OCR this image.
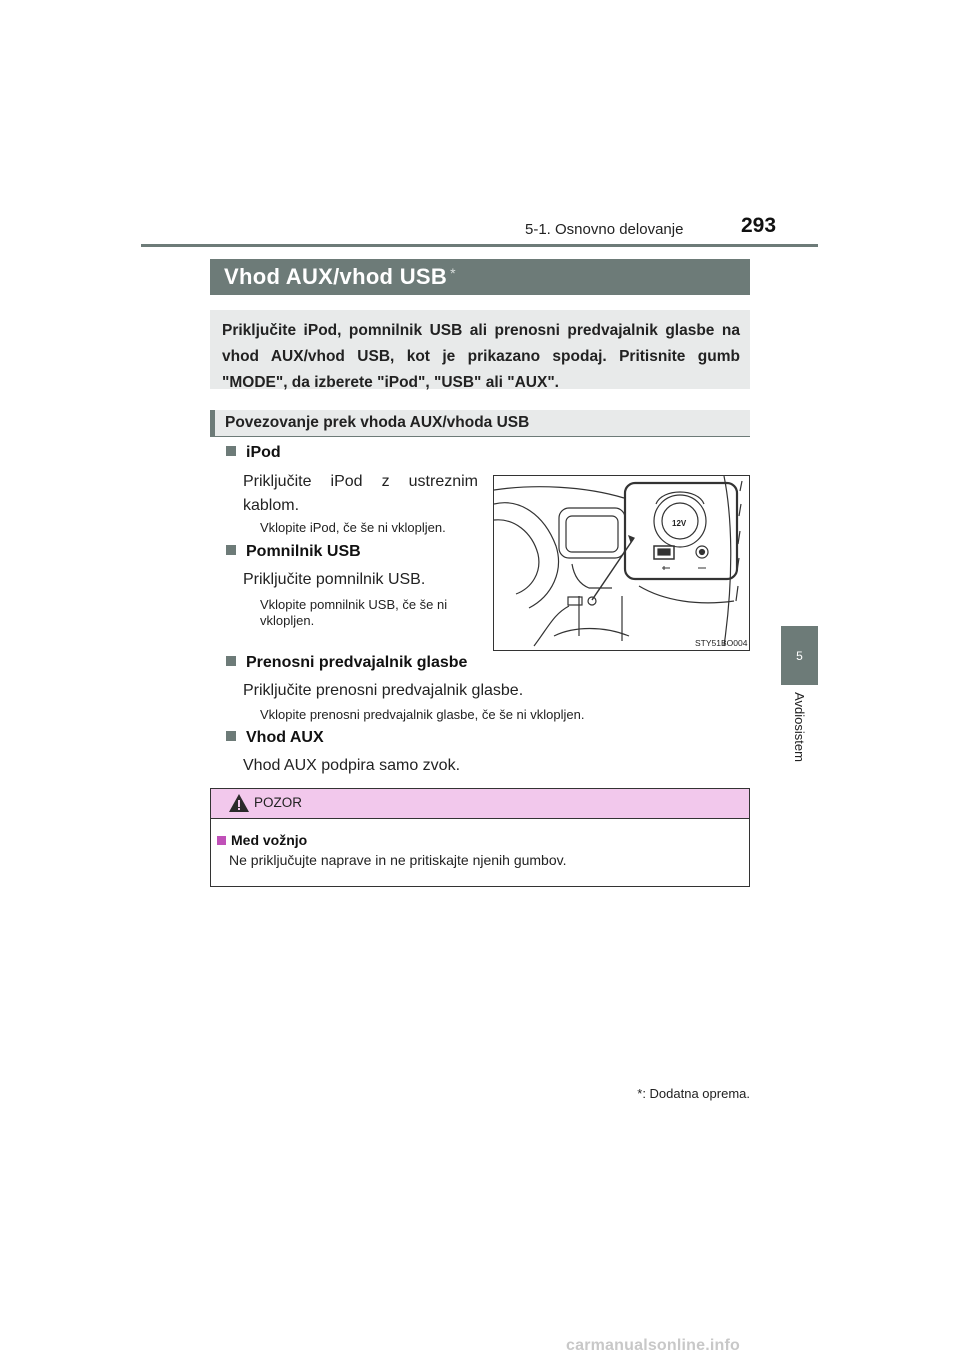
5-1. Osnovno delovanje	293
5
Avdiosistem
Vhod AUX/vhod USB*
Priključite iPod, pomnilnik USB ali prenosni predvajalnik glasbe na vhod AUX/vhod USB, kot je prikazano spodaj. Pritisnite gumb "MODE", da izberete "iPod", "USB" ali "AUX".
Povezovanje prek vhoda AUX/vhoda USB
iPod
Priključite iPod z ustreznim kablom.
Vklopite iPod, če še ni vklopljen.
Pomnilnik USB
Priključite pomnilnik USB.
Vklopite pomnilnik USB, če še ni vklopljen.
Prenosni predvajalnik glasbe
Priključite prenosni predvajalnik glasbe.
Vklopite prenosni predvajalnik glasbe, če še ni vklopljen.
Vhod AUX
Vhod AUX podpira samo zvok.
12V
STY51BO004
POZOR
Med vožnjo
Ne priključujte naprave in ne pritiskajte njenih gumbov.
*: Dodatna oprema.
carmanualsonline.info
